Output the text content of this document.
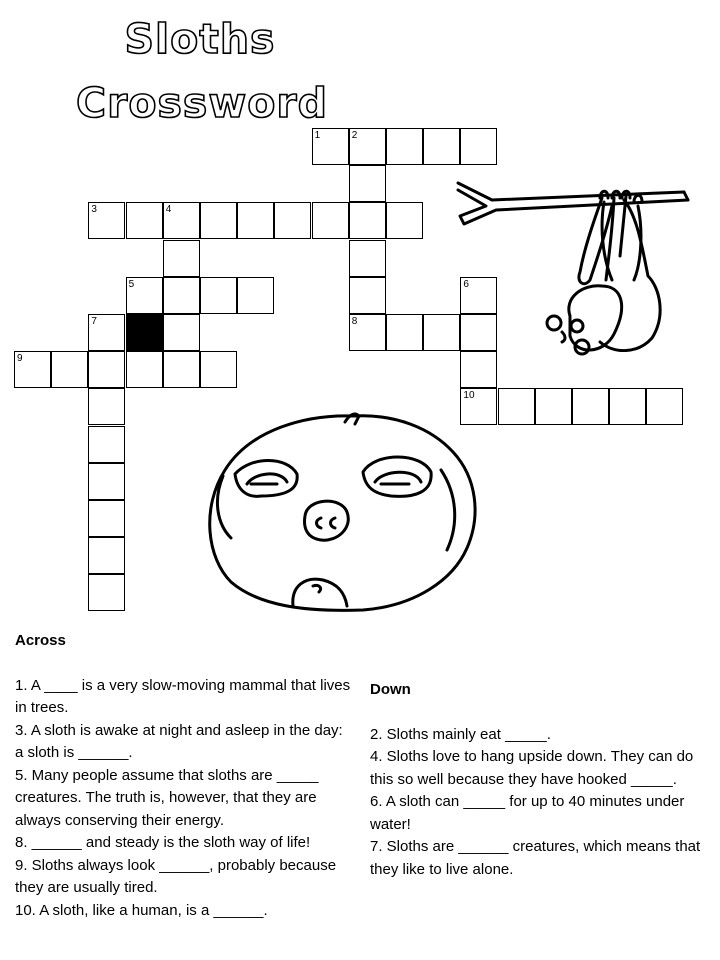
Sloths
Crossword
1	2
3	4
5	6
7	8
9
10
Across

1. A ____ is a very slow-moving mammal that lives in trees.

3. A sloth is awake at night and asleep in the day: a sloth is ______.

5. Many people assume that sloths are _____ creatures. The truth is, however, that they are always conserving their energy.

8. ______ and steady is the sloth way of life!

9. Sloths always look ______, probably because they are usually tired.

10. A sloth, like a human, is a ______.

Down

2. Sloths mainly eat _____.

4. Sloths love to hang upside down. They can do this so well because they have hooked _____.

6. A sloth can _____ for up to 40 minutes under water!

7. Sloths are ______ creatures, which means that they like to live alone.
